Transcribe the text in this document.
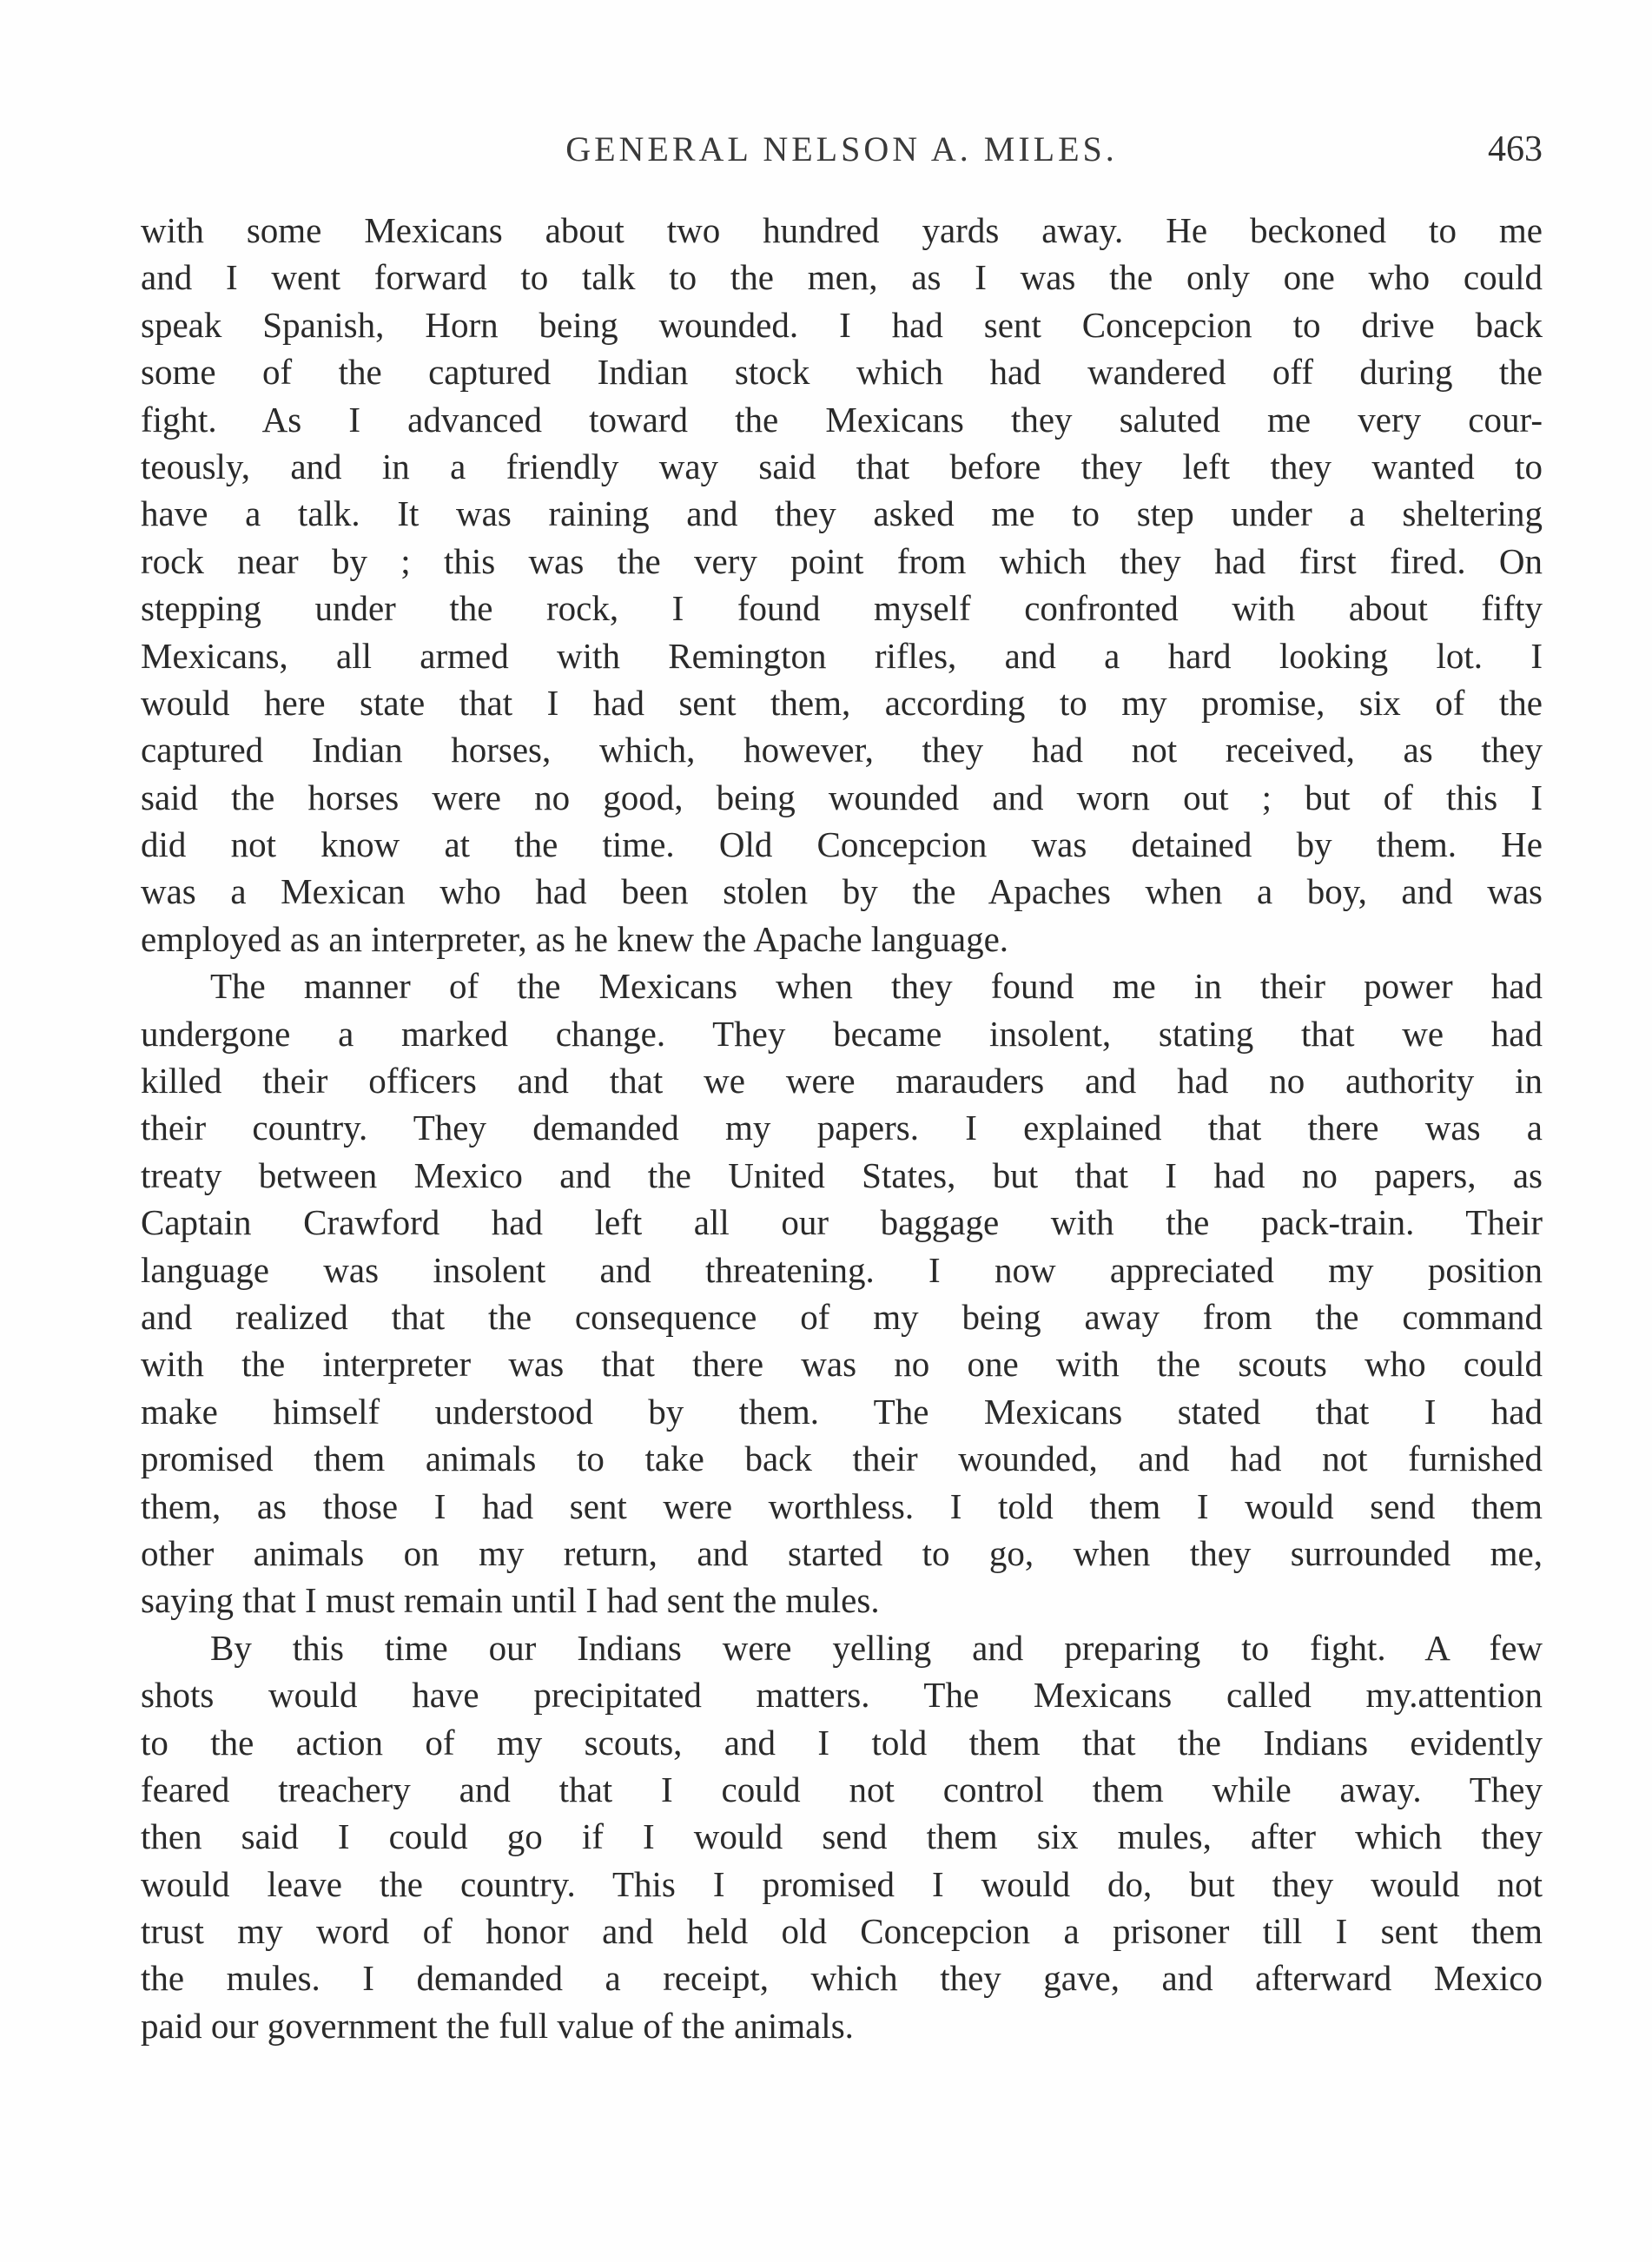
GENERAL NELSON A. MILES.	463
with some Mexicans about two hundred yards away. He beckoned to me
and I went forward to talk to the men, as I was the only one who could
speak Spanish, Horn being wounded. I had sent Concepcion to drive back
some of the captured Indian stock which had wandered off during the
fight. As I advanced toward the Mexicans they saluted me very cour-
teously, and in a friendly way said that before they left they wanted to
have a talk. It was raining and they asked me to step under a sheltering
rock near by ; this was the very point from which they had first fired. On
stepping under the rock, I found myself confronted with about fifty
Mexicans, all armed with Remington rifles, and a hard looking lot. I
would here state that I had sent them, according to my promise, six of the
captured Indian horses, which, however, they had not received, as they
said the horses were no good, being wounded and worn out ; but of this I
did not know at the time. Old Concepcion was detained by them. He
was a Mexican who had been stolen by the Apaches when a boy, and was
employed as an interpreter, as he knew the Apache language.
The manner of the Mexicans when they found me in their power had
undergone a marked change. They became insolent, stating that we had
killed their officers and that we were marauders and had no authority in
their country. They demanded my papers. I explained that there was a
treaty between Mexico and the United States, but that I had no papers, as
Captain Crawford had left all our baggage with the pack-train. Their
language was insolent and threatening. I now appreciated my position
and realized that the consequence of my being away from the command
with the interpreter was that there was no one with the scouts who could
make himself understood by them. The Mexicans stated that I had
promised them animals to take back their wounded, and had not furnished
them, as those I had sent were worthless. I told them I would send them
other animals on my return, and started to go, when they surrounded me,
saying that I must remain until I had sent the mules.
By this time our Indians were yelling and preparing to fight. A few
shots would have precipitated matters. The Mexicans called my.attention
to the action of my scouts, and I told them that the Indians evidently
feared treachery and that I could not control them while away. They
then said I could go if I would send them six mules, after which they
would leave the country. This I promised I would do, but they would not
trust my word of honor and held old Concepcion a prisoner till I sent them
the mules. I demanded a receipt, which they gave, and afterward Mexico
paid our government the full value of the animals.
